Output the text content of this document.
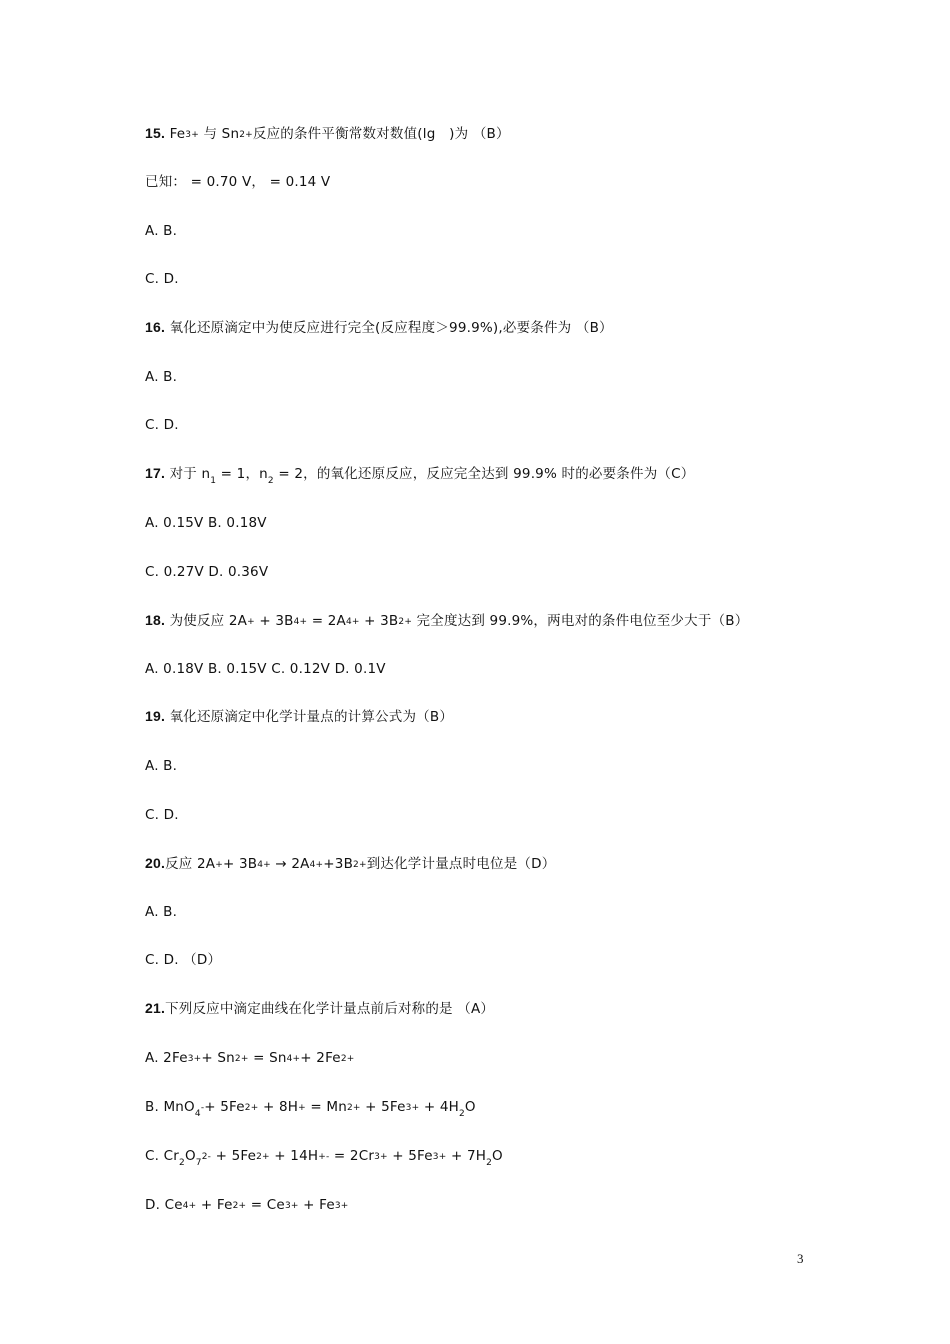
15. Fe3+ 与 Sn2+反应的条件平衡常数对数值(lg　)为 （B）
已知： = 0.70 V， = 0.14 V
A. B.
C. D.
16. 氧化还原滴定中为使反应进行完全(反应程度＞99.9%),必要条件为 （B）
A. B.
C. D.
17. 对于 $n_1 = 1$，$n_2 = 2$，的氧化还原反应，反应完全达到 99.9% 时的必要条件为（C）
A. 0.15V B. 0.18V
C. 0.27V D. 0.36V
18. 为使反应 2A+ + 3B4+ = 2A4+ + 3B2+ 完全度达到 99.9%，两电对的条件电位至少大于（B）
A. 0.18V B. 0.15V C. 0.12V D. 0.1V
19. 氧化还原滴定中化学计量点的计算公式为（B）
A. B.
C. D.
20.反应 2A++ 3B4+ → 2A4++3B2+到达化学计量点时电位是（D）
A. B.
C. D. （D）
21.下列反应中滴定曲线在化学计量点前后对称的是 （A）
A. 2Fe3++ Sn2+ = Sn4++ 2Fe2+
B. $MnO_4-+ 5Fe2+ + 8H+ = Mn2+ + 5Fe3+ + 4H_2O$
C. $Cr_2O_72- + 5Fe2+ + 14H+- = 2Cr3+ + 5Fe3+ + 7H_2O$
D. Ce4+ + Fe2+ = Ce3+ + Fe3+
3
